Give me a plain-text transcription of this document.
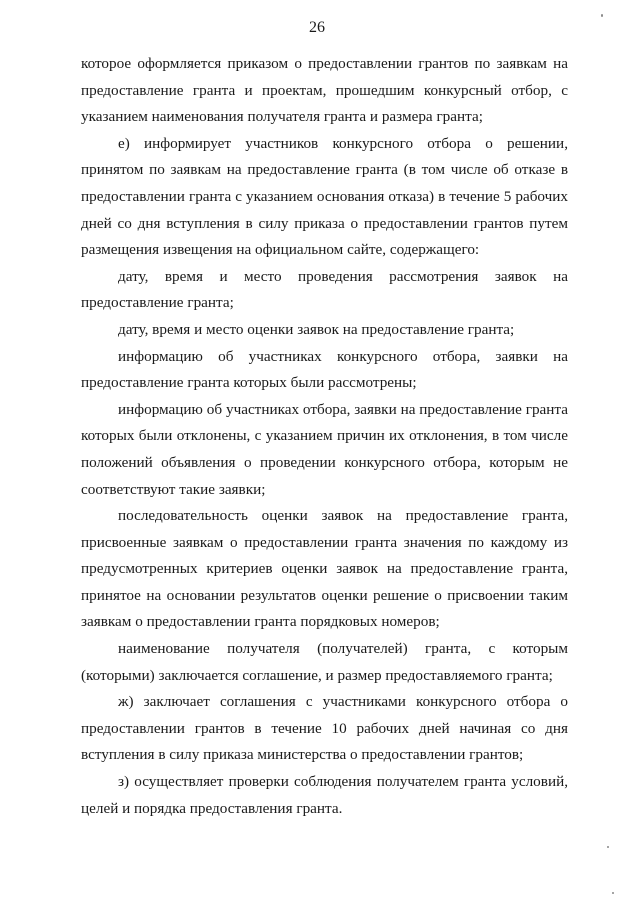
26

которое оформляется приказом о предоставлении грантов по заявкам на предоставление гранта и проектам, прошедшим конкурсный отбор, с указанием наименования получателя гранта и размера гранта;

е) информирует участников конкурсного отбора о решении, принятом по заявкам на предоставление гранта (в том числе об отказе в предоставлении гранта с указанием основания отказа) в течение 5 рабочих дней со дня вступления в силу приказа о предоставлении грантов путем размещения извещения на официальном сайте, содержащего:

дату, время и место проведения рассмотрения заявок на предоставление гранта;

дату, время и место оценки заявок на предоставление гранта;

информацию об участниках конкурсного отбора, заявки на предоставление гранта которых были рассмотрены;

информацию об участниках отбора, заявки на предоставление гранта которых были отклонены, с указанием причин их отклонения, в том числе положений объявления о проведении конкурсного отбора, которым не соответствуют такие заявки;

последовательность оценки заявок на предоставление гранта, присвоенные заявкам о предоставлении гранта значения по каждому из предусмотренных критериев оценки заявок на предоставление гранта, принятое на основании результатов оценки решение о присвоении таким заявкам о предоставлении гранта порядковых номеров;

наименование получателя (получателей) гранта, с которым (которыми) заключается соглашение, и размер предоставляемого гранта;

ж) заключает соглашения с участниками конкурсного отбора о предоставлении грантов в течение 10 рабочих дней начиная со дня вступления в силу приказа министерства о предоставлении грантов;

з) осуществляет проверки соблюдения получателем гранта условий, целей и порядка предоставления гранта.
